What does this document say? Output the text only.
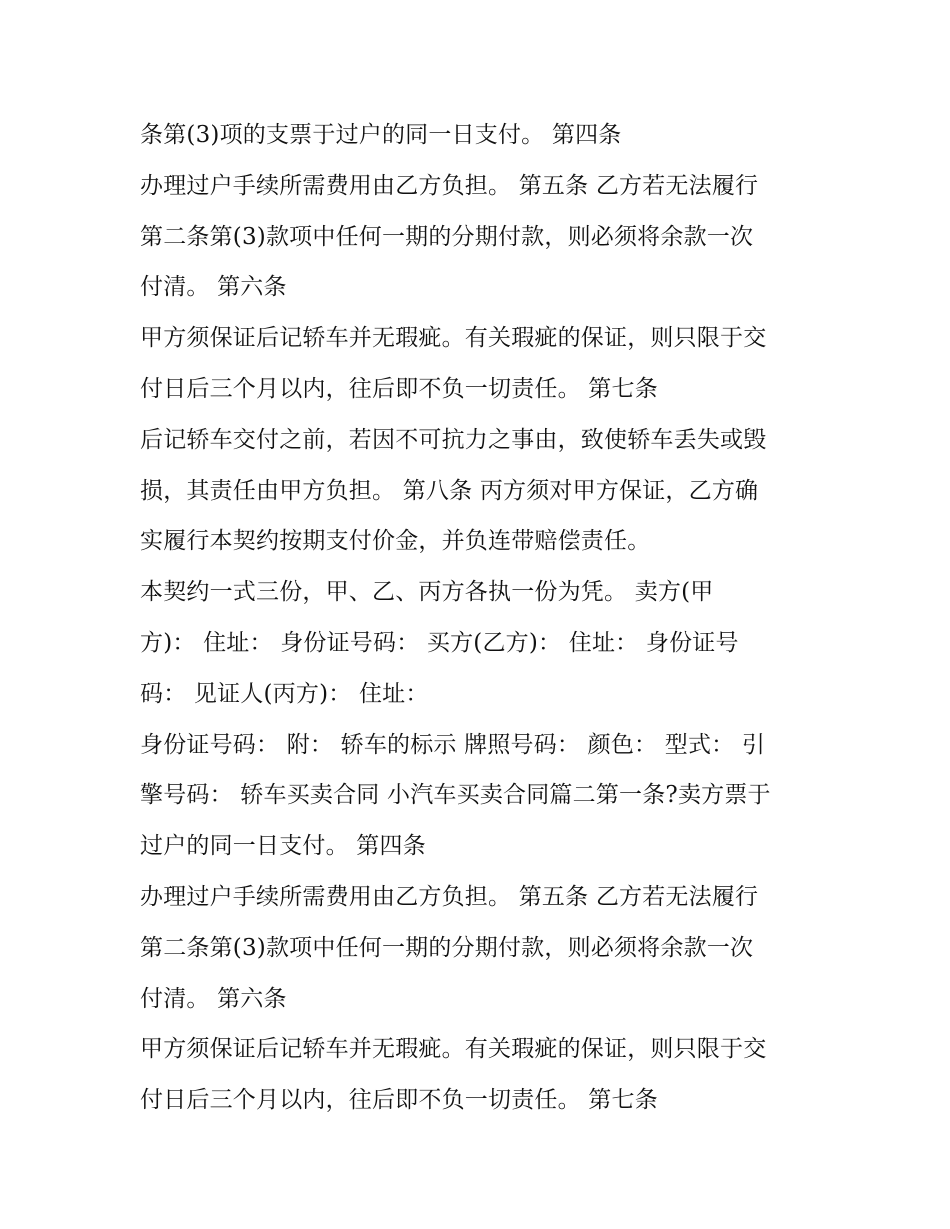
条第(3)项的支票于过户的同一日支付。 第四条
办理过户手续所需费用由乙方负担。 第五条 乙方若无法履行
第二条第(3)款项中任何一期的分期付款，则必须将余款一次
付清。 第六条
甲方须保证后记轿车并无瑕疵。有关瑕疵的保证，则只限于交
付日后三个月以内，往后即不负一切责任。 第七条
后记轿车交付之前，若因不可抗力之事由，致使轿车丢失或毁
损，其责任由甲方负担。 第八条 丙方须对甲方保证，乙方确
实履行本契约按期支付价金，并负连带赔偿责任。
本契约一式三份，甲、乙、丙方各执一份为凭。 卖方(甲
方)： 住址： 身份证号码： 买方(乙方)： 住址： 身份证号
码： 见证人(丙方)： 住址：
身份证号码： 附： 轿车的标示 牌照号码： 颜色： 型式： 引
擎号码： 轿车买卖合同 小汽车买卖合同篇二第一条?卖方票于
过户的同一日支付。 第四条
办理过户手续所需费用由乙方负担。 第五条 乙方若无法履行
第二条第(3)款项中任何一期的分期付款，则必须将余款一次
付清。 第六条
甲方须保证后记轿车并无瑕疵。有关瑕疵的保证，则只限于交
付日后三个月以内，往后即不负一切责任。 第七条
